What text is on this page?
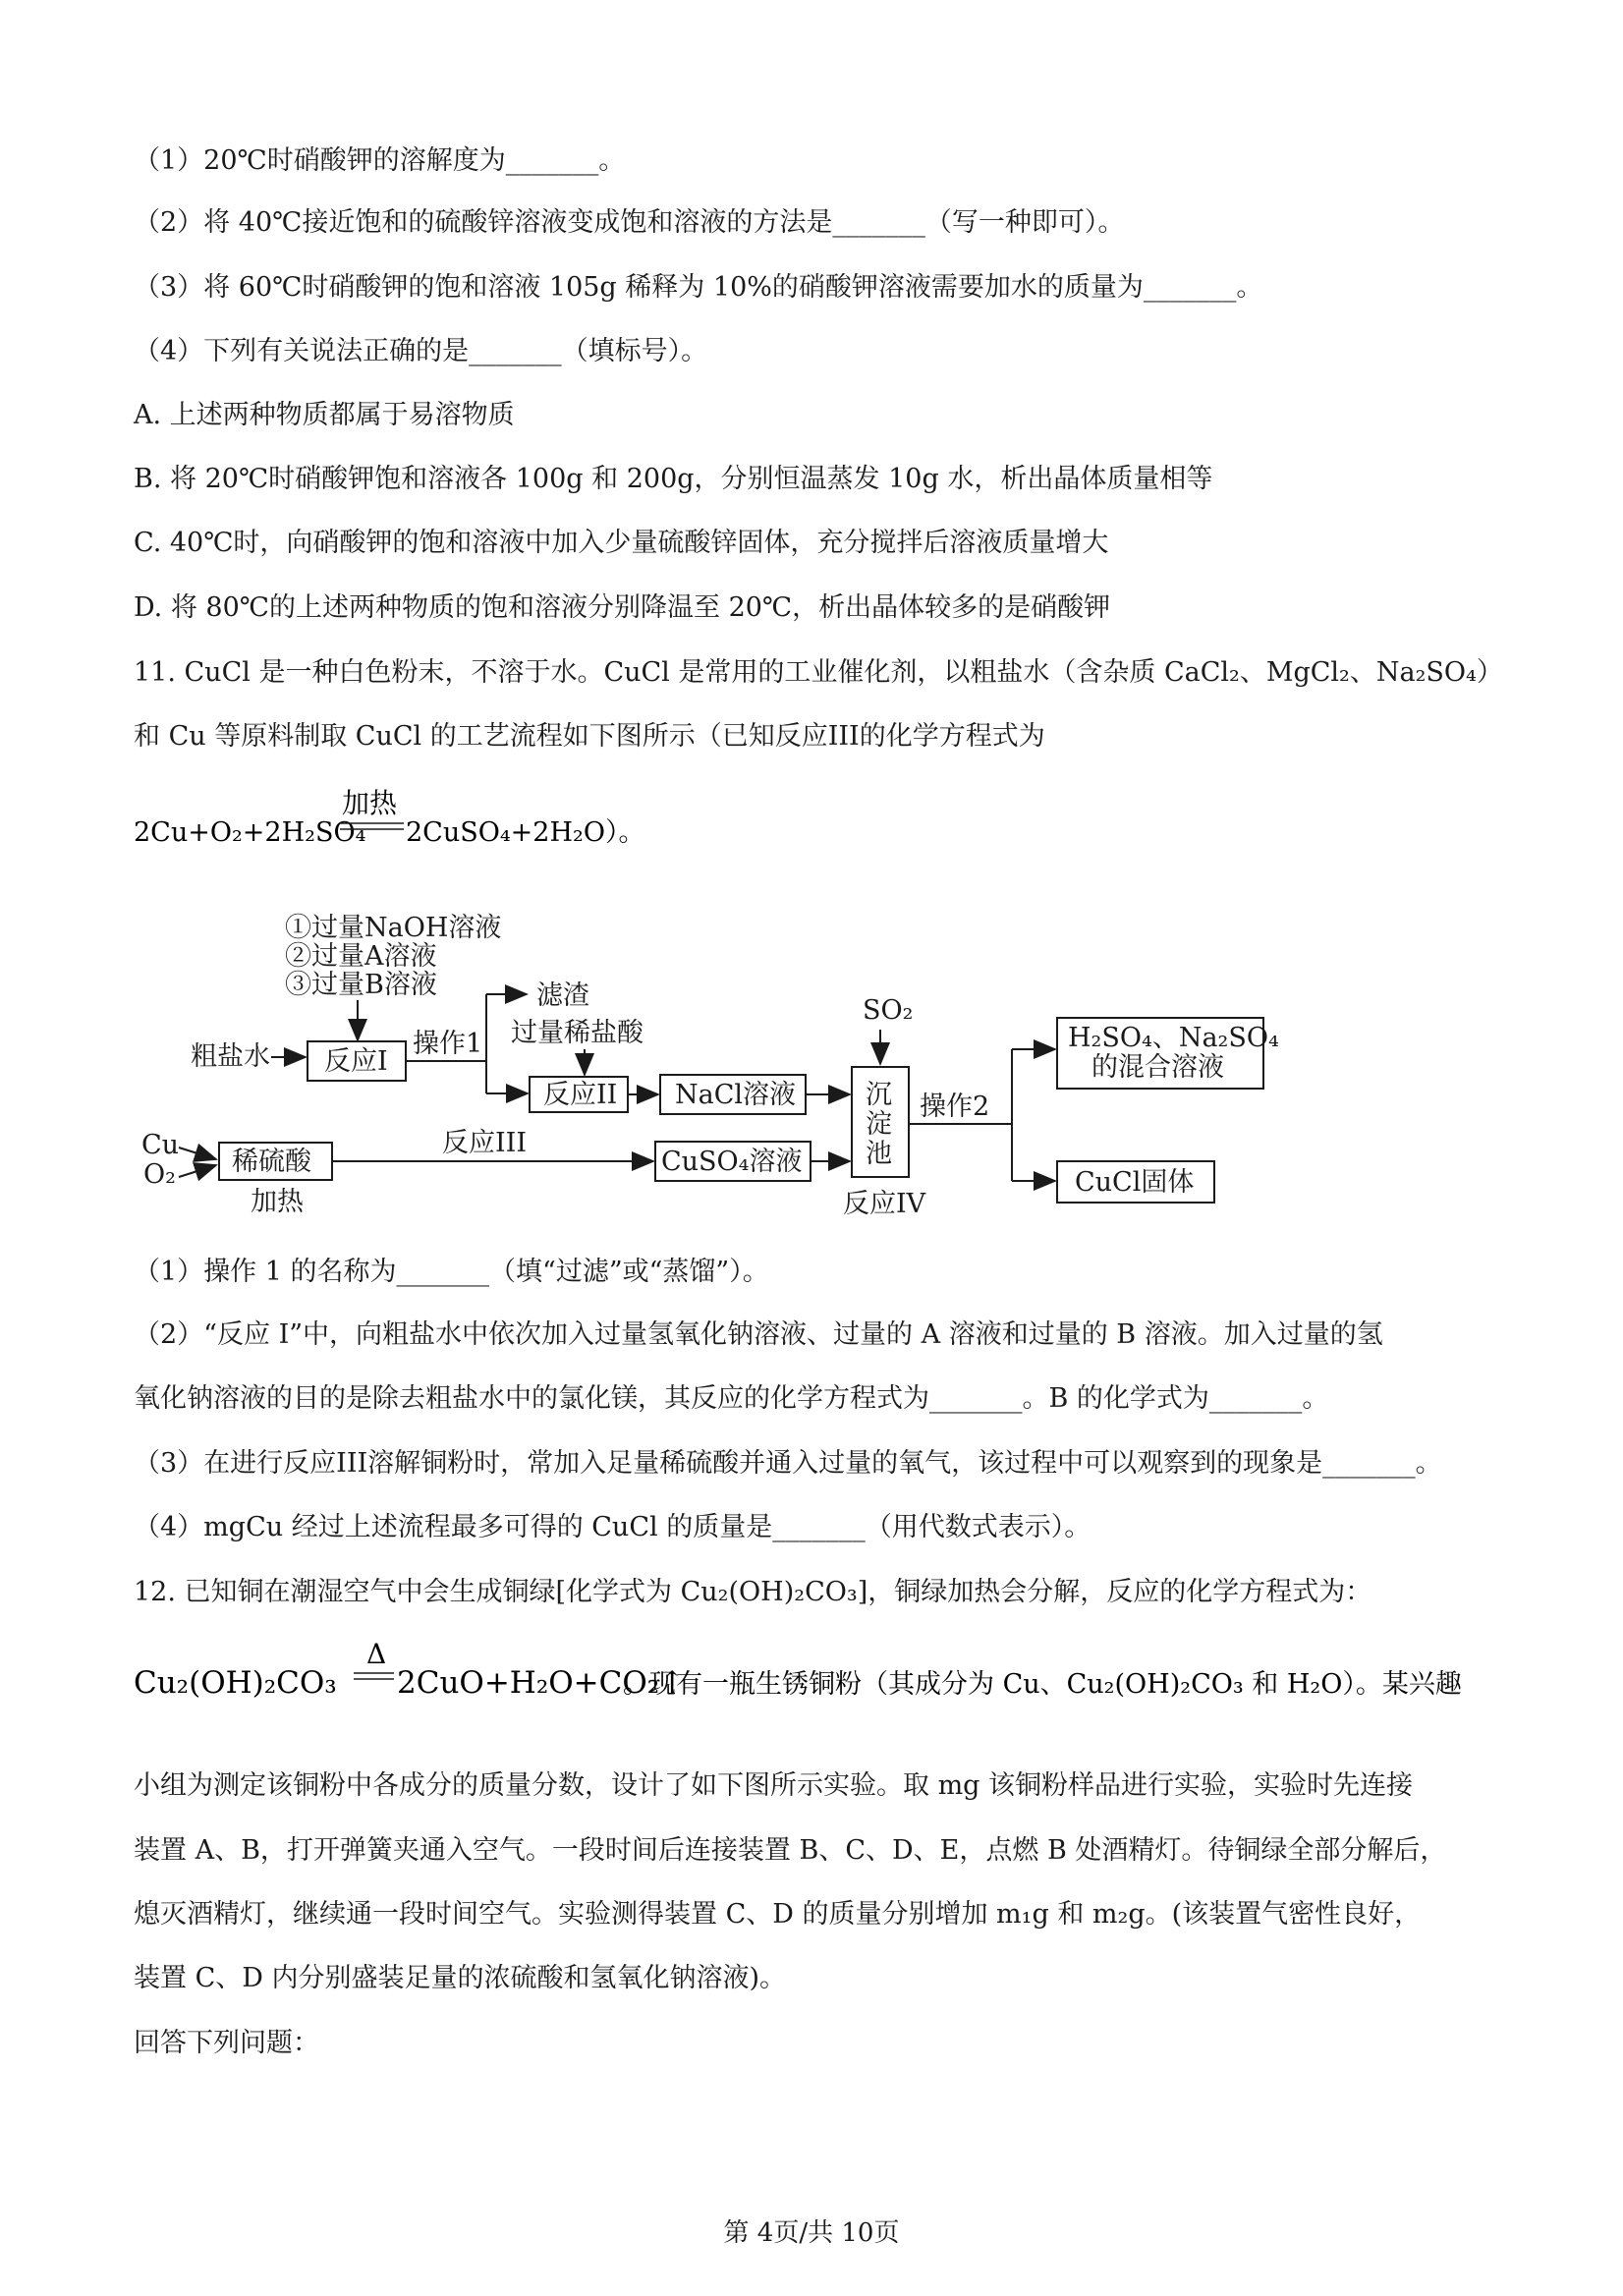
（1）20℃时硝酸钾的溶解度为_______。
（2）将 40℃接近饱和的硫酸锌溶液变成饱和溶液的方法是_______（写一种即可）。
（3）将 60℃时硝酸钾的饱和溶液 105g 稀释为 10%的硝酸钾溶液需要加水的质量为_______。
（4）下列有关说法正确的是_______（填标号）。
A. 上述两种物质都属于易溶物质
B. 将 20℃时硝酸钾饱和溶液各 100g 和 200g，分别恒温蒸发 10g 水，析出晶体质量相等
C. 40℃时，向硝酸钾的饱和溶液中加入少量硫酸锌固体，充分搅拌后溶液质量增大
D. 将 80℃的上述两种物质的饱和溶液分别降温至 20℃，析出晶体较多的是硝酸钾
11. CuCl 是一种白色粉末，不溶于水。CuCl 是常用的工业催化剂，以粗盐水（含杂质 CaCl₂、MgCl₂、Na₂SO₄）
和 Cu 等原料制取 CuCl 的工艺流程如下图所示（已知反应III的化学方程式为
2Cu+O₂+2H₂SO₄
加热
2CuSO₄+2H₂O）。
①过量NaOH溶液
②过量A溶液
③过量B溶液
粗盐水 反应I
操作1
滤渣
过量稀盐酸
反应II NaCl溶液
SO₂
沉
淀
池
反应IV
操作2
H₂SO₄、Na₂SO₄
的混合溶液
CuCl固体
Cu
O₂ 稀硫酸
加热
反应III
CuSO₄溶液
（1）操作 1 的名称为_______（填“过滤”或“蒸馏”）。
（2）“反应 I”中，向粗盐水中依次加入过量氢氧化钠溶液、过量的 A 溶液和过量的 B 溶液。加入过量的氢
氧化钠溶液的目的是除去粗盐水中的氯化镁，其反应的化学方程式为_______。B 的化学式为_______。
（3）在进行反应III溶解铜粉时，常加入足量稀硫酸并通入过量的氧气，该过程中可以观察到的现象是_______。
（4）mgCu 经过上述流程最多可得的 CuCl 的质量是_______（用代数式表示）。
12. 已知铜在潮湿空气中会生成铜绿[化学式为 Cu₂(OH)₂CO₃]，铜绿加热会分解，反应的化学方程式为：
Cu₂(OH)₂CO₃
Δ
2CuO+H₂O+CO₂↑
。现有一瓶生锈铜粉（其成分为 Cu、Cu₂(OH)₂CO₃ 和 H₂O）。某兴趣
小组为测定该铜粉中各成分的质量分数，设计了如下图所示实验。取 mg 该铜粉样品进行实验，实验时先连接
装置 A、B，打开弹簧夹通入空气。一段时间后连接装置 B、C、D、E，点燃 B 处酒精灯。待铜绿全部分解后，
熄灭酒精灯，继续通一段时间空气。实验测得装置 C、D 的质量分别增加 m₁g 和 m₂g。(该装置气密性良好，
装置 C、D 内分别盛装足量的浓硫酸和氢氧化钠溶液)。
回答下列问题：
第 4页/共 10页
